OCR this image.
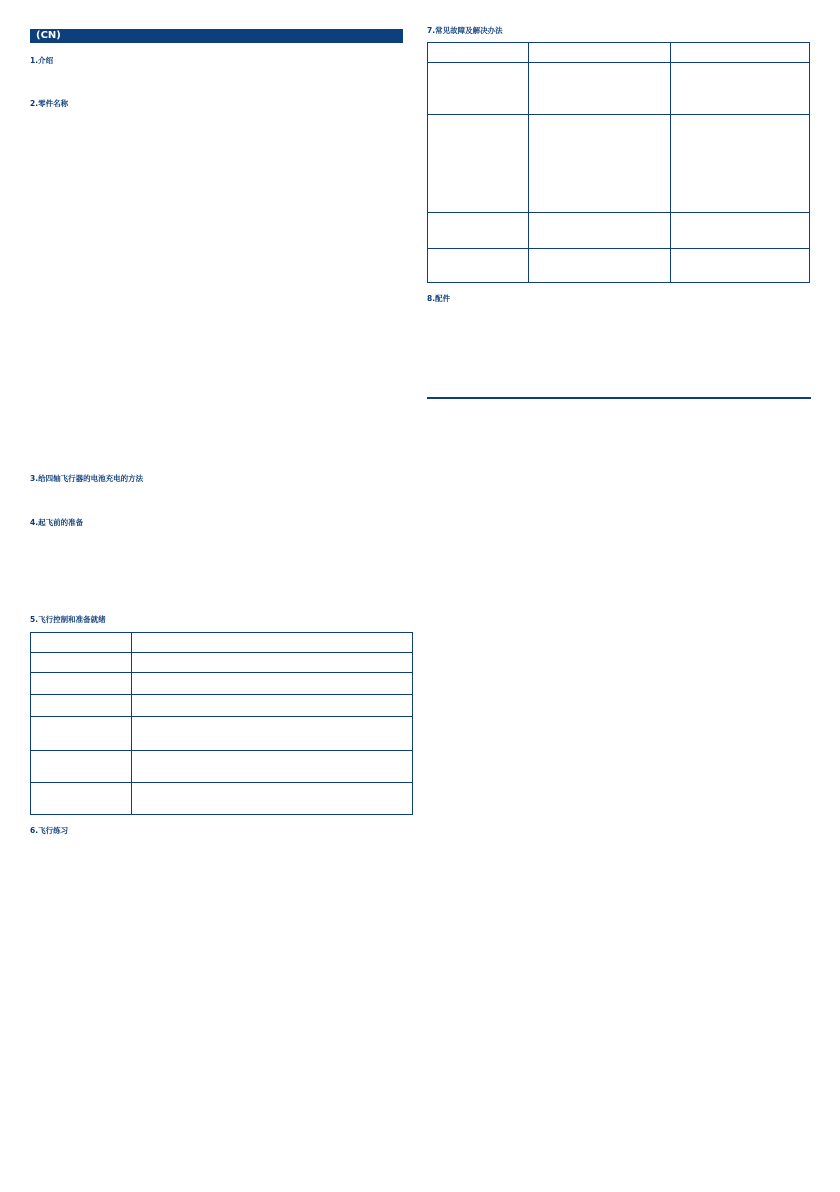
(CN)
1.介绍
2.零件名称
3.给四轴飞行器的电池充电的方法
4.起飞前的准备
5.飞行控制和准备就绪

6.飞行练习
7.常见故障及解决办法

8.配件
